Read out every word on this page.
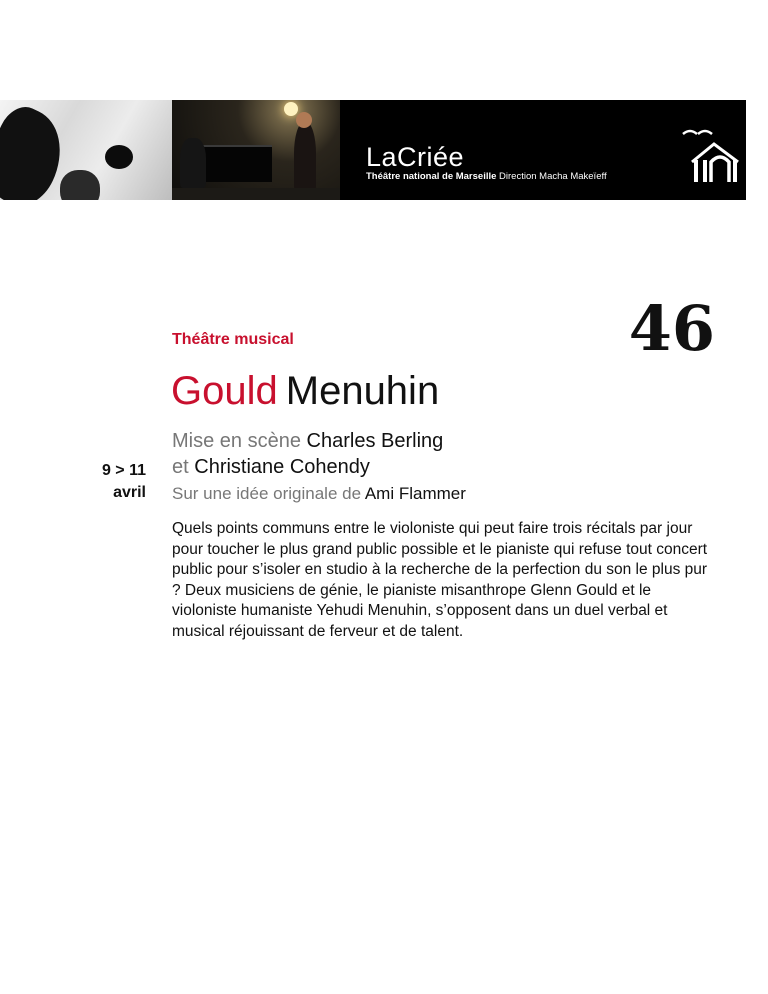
LaCriée
Théâtre national de Marseille Direction Macha Makeïeff
Théâtre musical	46
Gould Menuhin
9 > 11
avril
Mise en scène Charles Berling
et Christiane Cohendy
Sur une idée originale de Ami Flammer
Quels points communs entre le violoniste qui peut faire trois récitals par jour pour toucher le plus grand public possible et le pianiste qui refuse tout concert public pour s’isoler en studio à la recherche de la perfection du son le plus pur ? Deux musiciens de génie, le pianiste misanthrope Glenn Gould et le violoniste humaniste Yehudi Menuhin, s’opposent dans un duel verbal et musical réjouissant de ferveur et de talent.
